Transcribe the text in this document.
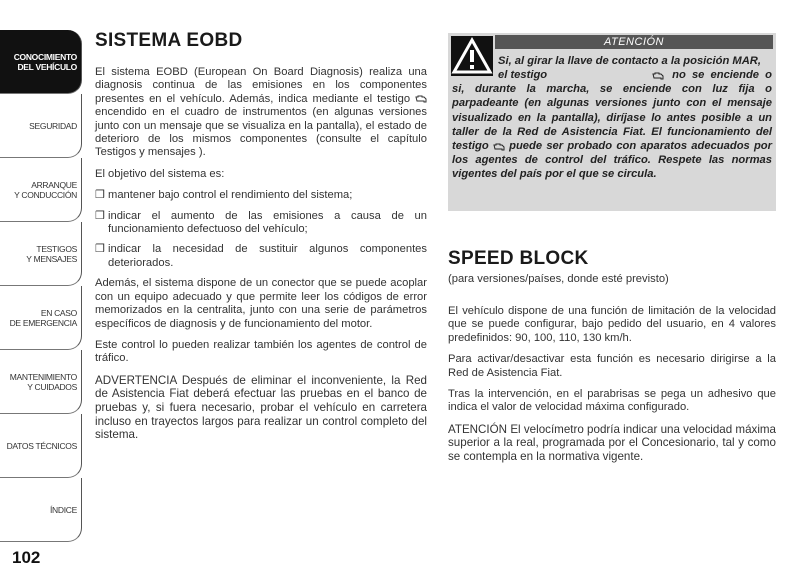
CONOCIMIENTO
DEL VEHÍCULO
SEGURIDAD
ARRANQUE
Y CONDUCCIÓN
TESTIGOS
Y MENSAJES
EN CASO
DE EMERGENCIA
MANTENIMIENTO
Y CUIDADOS
DATOS TÉCNICOS
ÍNDICE
102
SISTEMA EOBD

El sistema EOBD (European On Board Diagnosis) realiza una diagnosis continua de las emisiones en los componentes presentes en el vehículo. Además, indica mediante el testigo  encendido en el cuadro de instrumentos (en algunas versiones junto con un mensaje que se visualiza en la pantalla), el estado de deterioro de los mismos componentes (consulte el capítulo Testigos y mensajes ).

El objetivo del sistema es:

❒ mantener bajo control el rendimiento del sistema;
❒ indicar el aumento de las emisiones a causa de un funcionamiento defectuoso del vehículo;
❒ indicar la necesidad de sustituir algunos componentes deteriorados.

Además, el sistema dispone de un conector que se puede acoplar con un equipo adecuado y que permite leer los códigos de error memorizados en la centralita, junto con una serie de parámetros específicos de diagnosis y de funcionamiento del motor.

Este control lo pueden realizar también los agentes de control de tráfico.

ADVERTENCIA Después de eliminar el inconveniente, la Red de Asistencia Fiat deberá efectuar las pruebas en el banco de pruebas y, si fuera necesario, probar el vehículo en carretera incluso en trayectos largos para realizar un control completo del sistema.

ATENCIÓN
Si, al girar la llave de contacto a la posición MAR, el testigo	no se enciende o si, durante la marcha, se enciende con luz fija o parpadeante (en algunas versiones junto con el mensaje visualizado en la pantalla), diríjase lo antes posible a un taller de la Red de Asistencia Fiat. El funcionamiento del testigo puede ser probado con aparatos adecuados por los agentes de control del tráfico. Respete las normas vigentes del país por el que se circula.
SPEED BLOCK
(para versiones/países, donde esté previsto)

El vehículo dispone de una función de limitación de la velocidad que se puede configurar, bajo pedido del usuario, en 4 valores predefinidos: 90, 100, 110, 130 km/h.

Para activar/desactivar esta función es necesario dirigirse a la Red de Asistencia Fiat.

Tras la intervención, en el parabrisas se pega un adhesivo que indica el valor de velocidad máxima configurado.

ATENCIÓN El velocímetro podría indicar una velocidad máxima superior a la real, programada por el Concesionario, tal y como se contempla en la normativa vigente.
